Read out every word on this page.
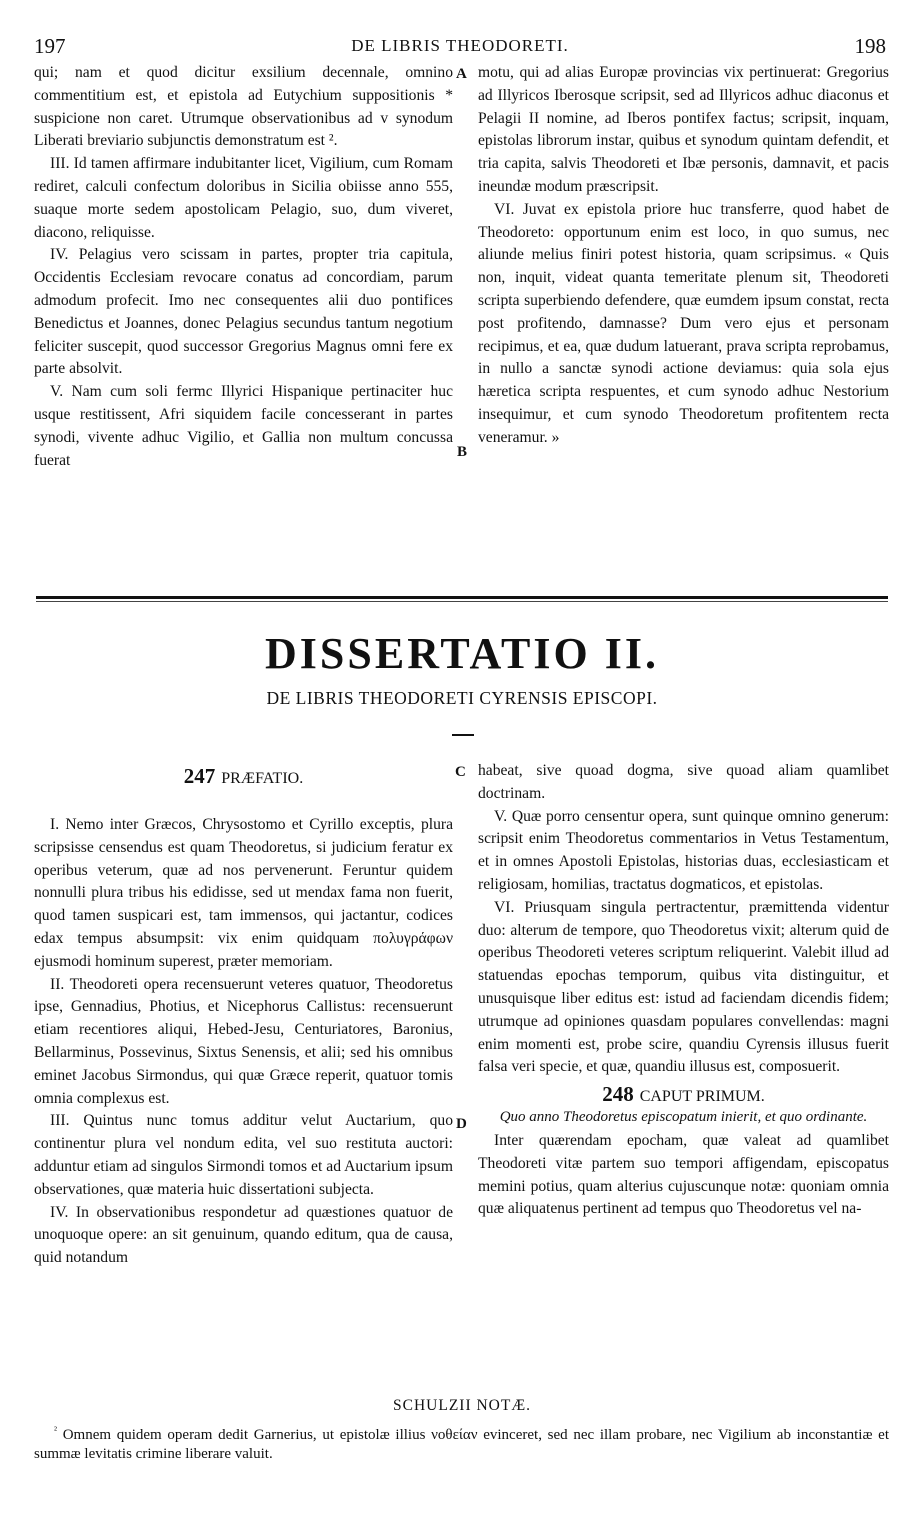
197	DE LIBRIS THEODORETI.	198

qui; nam et quod dicitur exsilium decennale, omnino commentitium est, et epistola ad Eutychium suppositionis * suspicione non caret. Utrumque observationibus ad v synodum Liberati breviario subjunctis demonstratum est ².

III. Id tamen affirmare indubitanter licet, Vigilium, cum Romam rediret, calculi confectum doloribus in Sicilia obiisse anno 555, suaque morte sedem apostolicam Pelagio, suo, dum viveret, diacono, reliquisse.

IV. Pelagius vero scissam in partes, propter tria capitula, Occidentis Ecclesiam revocare conatus ad concordiam, parum admodum profecit. Imo nec consequentes alii duo pontifices Benedictus et Joannes, donec Pelagius secundus tantum negotium feliciter suscepit, quod successor Gregorius Magnus omni fere ex parte absolvit.

V. Nam cum soli fermc Illyrici Hispanique pertinaciter huc usque restitissent, Afri siquidem facile concesserant in partes synodi, vivente adhuc Vigilio, et Gallia non multum concussa fuerat

motu, qui ad alias Europæ provincias vix pertinuerat: Gregorius ad Illyricos Iberosque scripsit, sed ad Illyricos adhuc diaconus et Pelagii II nomine, ad Iberos pontifex factus; scripsit, inquam, epistolas librorum instar, quibus et synodum quintam defendit, et tria capita, salvis Theodoreti et Ibæ personis, damnavit, et pacis ineundæ modum præscripsit.

VI. Juvat ex epistola priore huc transferre, quod habet de Theodoreto: opportunum enim est loco, in quo sumus, nec aliunde melius finiri potest historia, quam scripsimus. « Quis non, inquit, videat quanta temeritate plenum sit, Theodoreti scripta superbiendo defendere, quæ eumdem ipsum constat, recta post profitendo, damnasse? Dum vero ejus et personam recipimus, et ea, quæ dudum latuerant, prava scripta reprobamus, in nullo a sanctæ synodi actione deviamus: quia sola ejus hæretica scripta respuentes, et cum synodo adhuc Nestorium insequimur, et cum synodo Theodoretum profitentem recta veneramur. »

A
B
DISSERTATIO II.
DE LIBRIS THEODORETI CYRENSIS EPISCOPI.
247 PRÆFATIO.

I. Nemo inter Græcos, Chrysostomo et Cyrillo exceptis, plura scripsisse censendus est quam Theodoretus, si judicium feratur ex operibus veterum, quæ ad nos pervenerunt. Feruntur quidem nonnulli plura tribus his edidisse, sed ut mendax fama non fuerit, quod tamen suspicari est, tam immensos, qui jactantur, codices edax tempus absumpsit: vix enim quidquam πολυγράφων ejusmodi hominum superest, præter memoriam.

II. Theodoreti opera recensuerunt veteres quatuor, Theodoretus ipse, Gennadius, Photius, et Nicephorus Callistus: recensuerunt etiam recentiores aliqui, Hebed-Jesu, Centuriatores, Baronius, Bellarminus, Possevinus, Sixtus Senensis, et alii; sed his omnibus eminet Jacobus Sirmondus, qui quæ Græce reperit, quatuor tomis omnia complexus est.

III. Quintus nunc tomus additur velut Auctarium, quo continentur plura vel nondum edita, vel suo restituta auctori: adduntur etiam ad singulos Sirmondi tomos et ad Auctarium ipsum observationes, quæ materia huic dissertationi subjecta.

IV. In observationibus respondetur ad quæstiones quatuor de unoquoque opere: an sit genuinum, quando editum, qua de causa, quid notandum

habeat, sive quoad dogma, sive quoad aliam quamlibet doctrinam.

V. Quæ porro censentur opera, sunt quinque omnino generum: scripsit enim Theodoretus commentarios in Vetus Testamentum, et in omnes Apostoli Epistolas, historias duas, ecclesiasticam et religiosam, homilias, tractatus dogmaticos, et epistolas.

VI. Priusquam singula pertractentur, præmittenda videntur duo: alterum de tempore, quo Theodoretus vixit; alterum quid de operibus Theodoreti veteres scriptum reliquerint. Valebit illud ad statuendas epochas temporum, quibus vita distinguitur, et unusquisque liber editus est: istud ad faciendam dicendis fidem; utrumque ad opiniones quasdam populares convellendas: magni enim momenti est, probe scire, quandiu Cyrensis illusus fuerit falsa veri specie, et quæ, quandiu illusus est, composuerit.

248 CAPUT PRIMUM.
Quo anno Theodoretus episcopatum inierit, et quo ordinante.

Inter quærendam epocham, quæ valeat ad quamlibet Theodoreti vitæ partem suo tempori affigendam, episcopatus memini potius, quam alterius cujuscunque notæ: quoniam omnia quæ aliquatenus pertinent ad tempus quo Theodoretus vel na-

C
D
SCHULZII NOTÆ.
$^{^2}$ Omnem quidem operam dedit Garnerius, ut epistolæ illius νοθείαν evinceret, sed nec illam probare, nec Vigilium ab inconstantiæ et summæ levitatis crimine liberare valuit.
